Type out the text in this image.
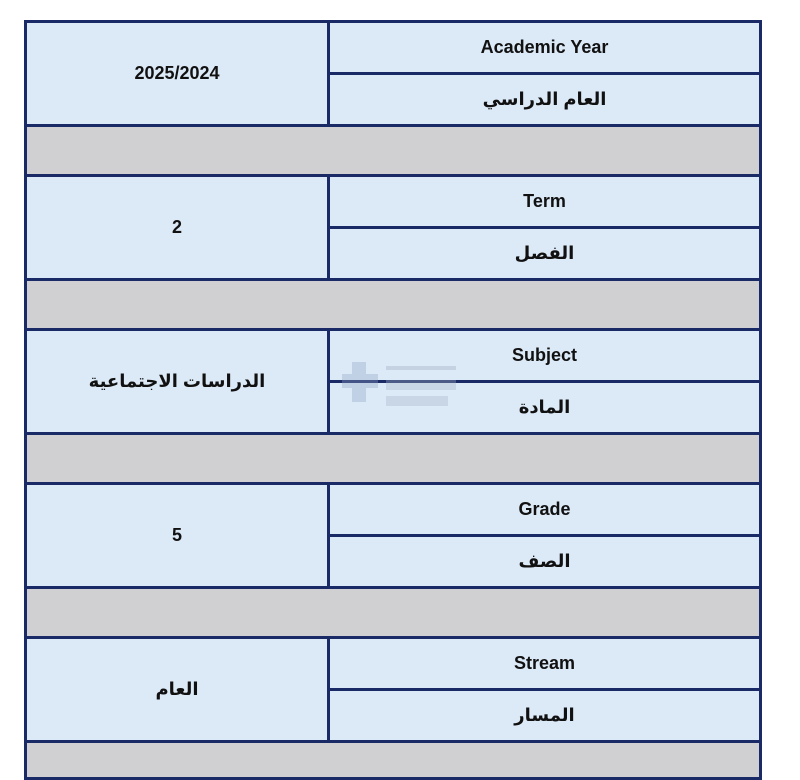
2025/2024
Academic Year
العام الدراسي
2
Term
الفصل
الدراسات الاجتماعية
Subject
المادة
5
Grade
الصف
العام
Stream
المسار
